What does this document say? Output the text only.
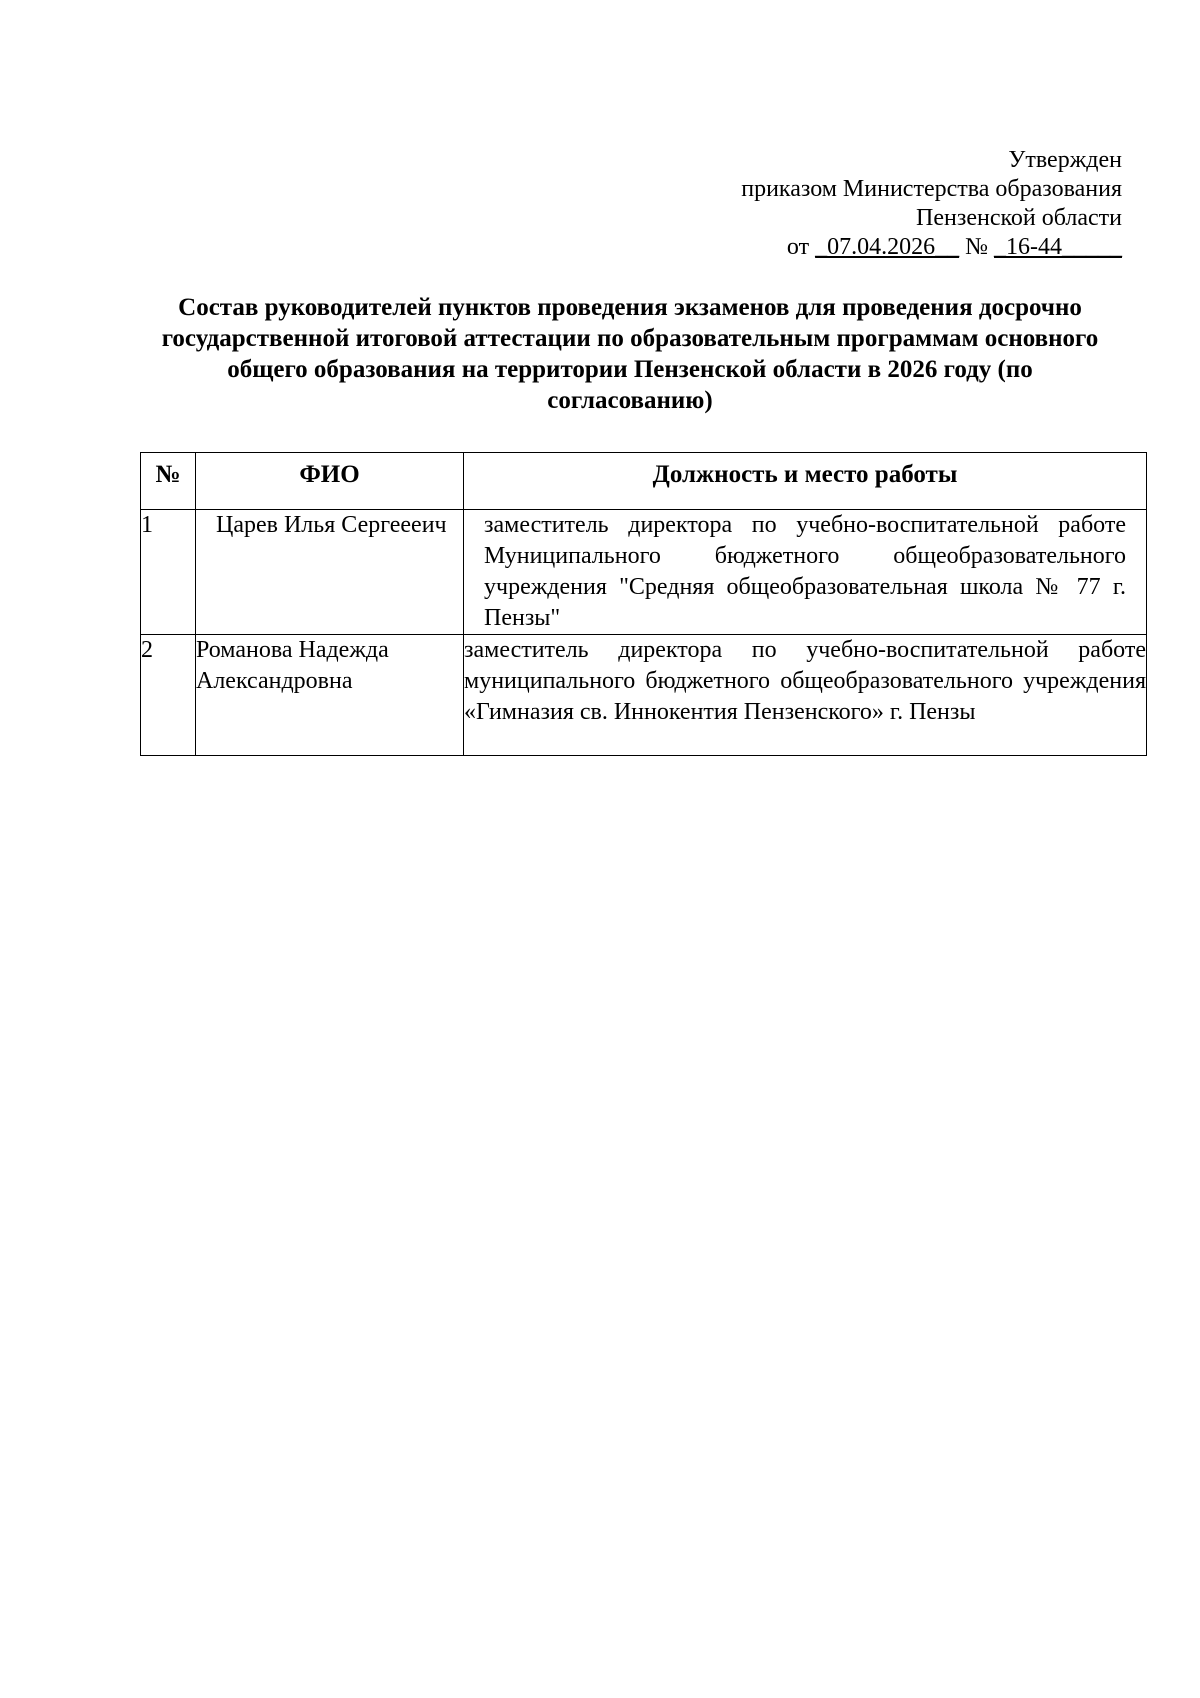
Утвержден
приказом Министерства образования
Пензенской области
от _07.04.2026__ № _16-44_____
Состав руководителей пунктов проведения экзаменов для проведения досрочно государственной итоговой аттестации по образовательным программам основного общего образования на территории Пензенской области в 2026 году (по согласованию)
№	ФИО	Должность и место работы
1	Царев Илья Сергеееич	заместитель директора по учебно-воспитательной работе Муниципального бюджетного общеобразовательного учреждения "Средняя общеобразовательная школа № 77 г. Пензы"
2	Романова Надежда Александровна	заместитель директора по учебно-воспитательной работе муниципального бюджетного общеобразовательного учреждения «Гимназия св. Иннокентия Пензенского» г. Пензы
